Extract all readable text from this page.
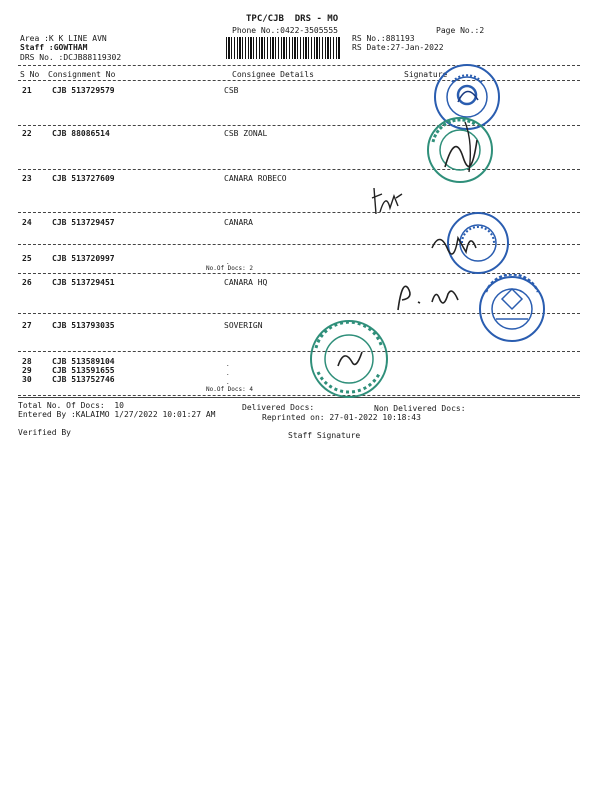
TPC/CJB  DRS - MO
Phone No.:0422-3505555	Page No.:2
Area :K K LINE AVN
Staff :GOWTHAM
DRS No. :DCJB88119302
RS No.:881193
RS Date:27-Jan-2022
S No Consignment No	Consignee Details	Signature
21	CJB 513729579	CSB
22	CJB 88086514	CSB ZONAL
23	CJB 513727609	CANARA ROBECO
24	CJB 513729457	CANARA
25	CJB 513720997	.
No.Of Docs: 2
26	CJB 513729451	CANARA HQ
27	CJB 513793035	SOVERIGN
28	CJB 513589104
29	CJB 513591655
30	CJB 513752746
.
.
.
No.Of Docs: 4
Total No. Of Docs:  10	Delivered Docs:	Non Delivered Docs:
Entered By :KALAIMO 1/27/2022 10:01:27 AM	Reprinted on: 27-01-2022 10:18:43
Verified By	Staff Signature
